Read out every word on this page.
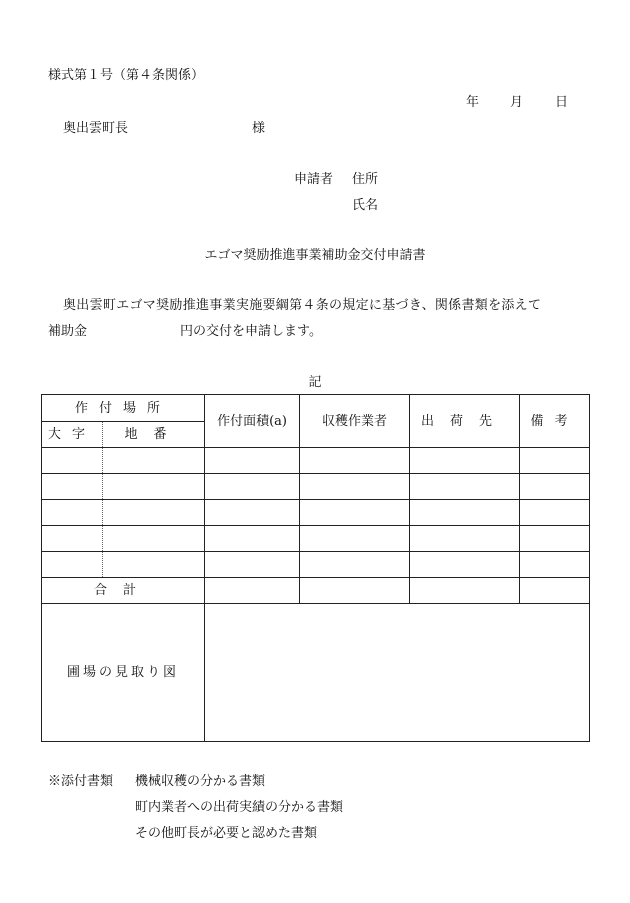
様式第１号（第４条関係）
年 月 日
奥出雲町長	様
申請者 住所
氏名
エゴマ奨励推進事業補助金交付申請書
奥出雲町エゴマ奨励推進事業実施要綱第４条の規定に基づき、関係書類を添えて
補助金	円の交付を申請します。
記
作付場所		作付面積(a)	収穫作業者	出荷先	備考
大字	地番				

合計					
圃場の見取り図					
※添付書類 機械収穫の分かる書類
町内業者への出荷実績の分かる書類
その他町長が必要と認めた書類
